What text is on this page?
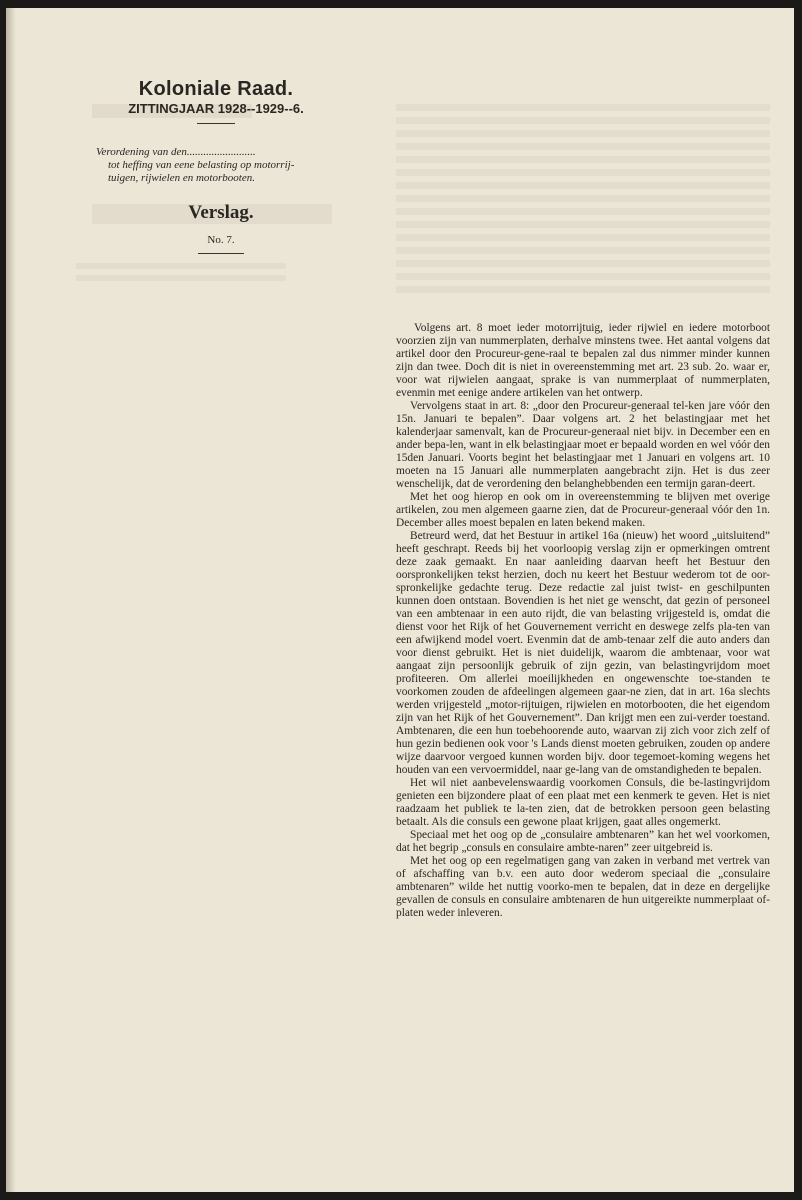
Koloniale Raad.
ZITTINGJAAR 1928--1929--6.
Verordening van den.........................
tot heffing van eene belasting op motorrij-
tuigen, rijwielen en motorbooten.
Verslag.
No. 7.

Volgens art. 8 moet ieder motorrijtuig, ieder rijwiel en iedere motorboot voorzien zijn van nummerplaten, derhalve minstens twee. Het aantal volgens dat artikel door den Procureur-gene-raal te bepalen zal dus nimmer minder kunnen zijn dan twee. Doch dit is niet in overeenstemming met art. 23 sub. 2o. waar er, voor wat rijwielen aangaat, sprake is van nummerplaat of nummerplaten, evenmin met eenige andere artikelen van het ontwerp.

Vervolgens staat in art. 8: „door den Procureur-generaal tel-ken jare vóór den 15n. Januari te bepalen”. Daar volgens art. 2 het belastingjaar met het kalenderjaar samenvalt, kan de Procureur-generaal niet bijv. in December een en ander bepa-len, want in elk belastingjaar moet er bepaald worden en wel vóór den 15den Januari. Voorts begint het belastingjaar met 1 Januari en volgens art. 10 moeten na 15 Januari alle nummerplaten aangebracht zijn. Het is dus zeer wenschelijk, dat de verordening den belanghebbenden een termijn garan-deert.

Met het oog hierop en ook om in overeenstemming te blijven met overige artikelen, zou men algemeen gaarne zien, dat de Procureur-generaal vóór den 1n. December alles moest bepalen en laten bekend maken.

Betreurd werd, dat het Bestuur in artikel 16a (nieuw) het woord „uitsluitend” heeft geschrapt. Reeds bij het voorloopig verslag zijn er opmerkingen omtrent deze zaak gemaakt. En naar aanleiding daarvan heeft het Bestuur den oorspronkelijken tekst herzien, doch nu keert het Bestuur wederom tot de oor-spronkelijke gedachte terug. Deze redactie zal juist twist- en geschilpunten kunnen doen ontstaan. Bovendien is het niet ge wenscht, dat gezin of personeel van een ambtenaar in een auto rijdt, die van belasting vrijgesteld is, omdat die dienst voor het Rijk of het Gouvernement verricht en deswege zelfs pla-ten van een afwijkend model voert. Evenmin dat de amb-tenaar zelf die auto anders dan voor dienst gebruikt. Het is niet duidelijk, waarom die ambtenaar, voor wat aangaat zijn persoonlijk gebruik of zijn gezin, van belastingvrijdom moet profiteeren. Om allerlei moeilijkheden en ongewenschte toe-standen te voorkomen zouden de afdeelingen algemeen gaar-ne zien, dat in art. 16a slechts werden vrijgesteld „motor-rijtuigen, rijwielen en motorbooten, die het eigendom zijn van het Rijk of het Gouvernement”. Dan krijgt men een zui-verder toestand. Ambtenaren, die een hun toebehoorende auto, waarvan zij zich voor zich zelf of hun gezin bedienen ook voor 's Lands dienst moeten gebruiken, zouden op andere wijze daarvoor vergoed kunnen worden bijv. door tegemoet-koming wegens het houden van een vervoermiddel, naar ge-lang van de omstandigheden te bepalen.

Het wil niet aanbevelenswaardig voorkomen Consuls, die be-lastingvrijdom genieten een bijzondere plaat of een plaat met een kenmerk te geven. Het is niet raadzaam het publiek te la-ten zien, dat de betrokken persoon geen belasting betaalt. Als die consuls een gewone plaat krijgen, gaat alles ongemerkt.

Speciaal met het oog op de „consulaire ambtenaren” kan het wel voorkomen, dat het begrip „consuls en consulaire ambte-naren” zeer uitgebreid is.

Met het oog op een regelmatigen gang van zaken in verband met vertrek van of afschaffing van b.v. een auto door wederom speciaal die „consulaire ambtenaren” wilde het nuttig voorko-men te bepalen, dat in deze en dergelijke gevallen de consuls en consulaire ambtenaren de hun uitgereikte nummerplaat of-platen weder inleveren.
